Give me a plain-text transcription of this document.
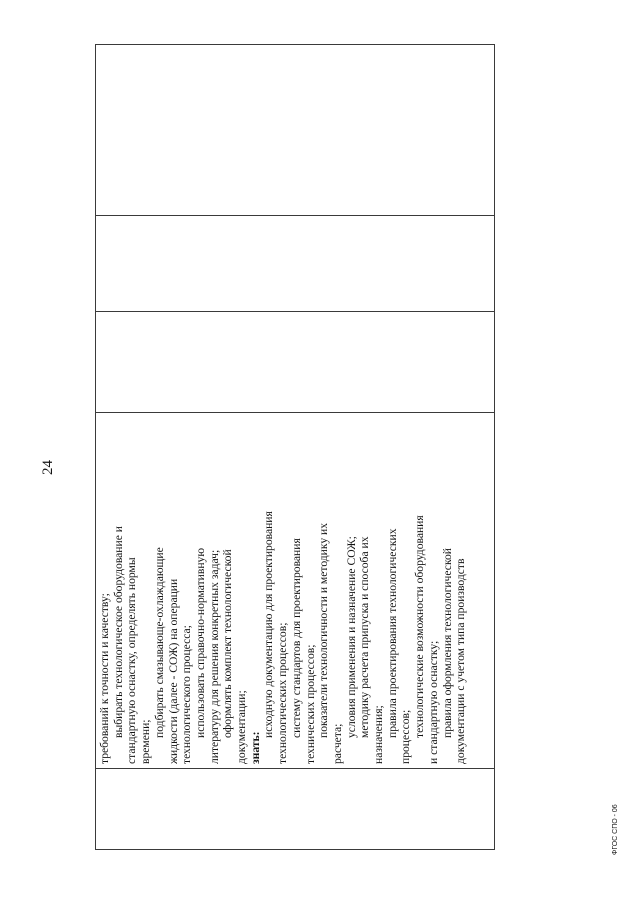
24

требований к точности и качеству; выбирать технологическое оборудование и стандартную оснастку, определять нормы времени;
подбирать смазывающе-охлаждающие жидкости (далее - СОЖ) на операции технологического процесса; использовать справочно-нормативную литературу для решения конкретных задач; оформлять комплект технологической документации; знать:
исходную документацию для проектирования технологических процессов; систему стандартов для проектирования технических процессов; показатели технологичности и методику их
расчета;
условия применения и назначение СОЖ; методику расчета припуска и способа их назначения; правила проектирования технологических процессов; технологические возможности оборудования и стандартную оснастку; правила оформления технологической документации с учетом типа производств

ФГОС СПО - 06
